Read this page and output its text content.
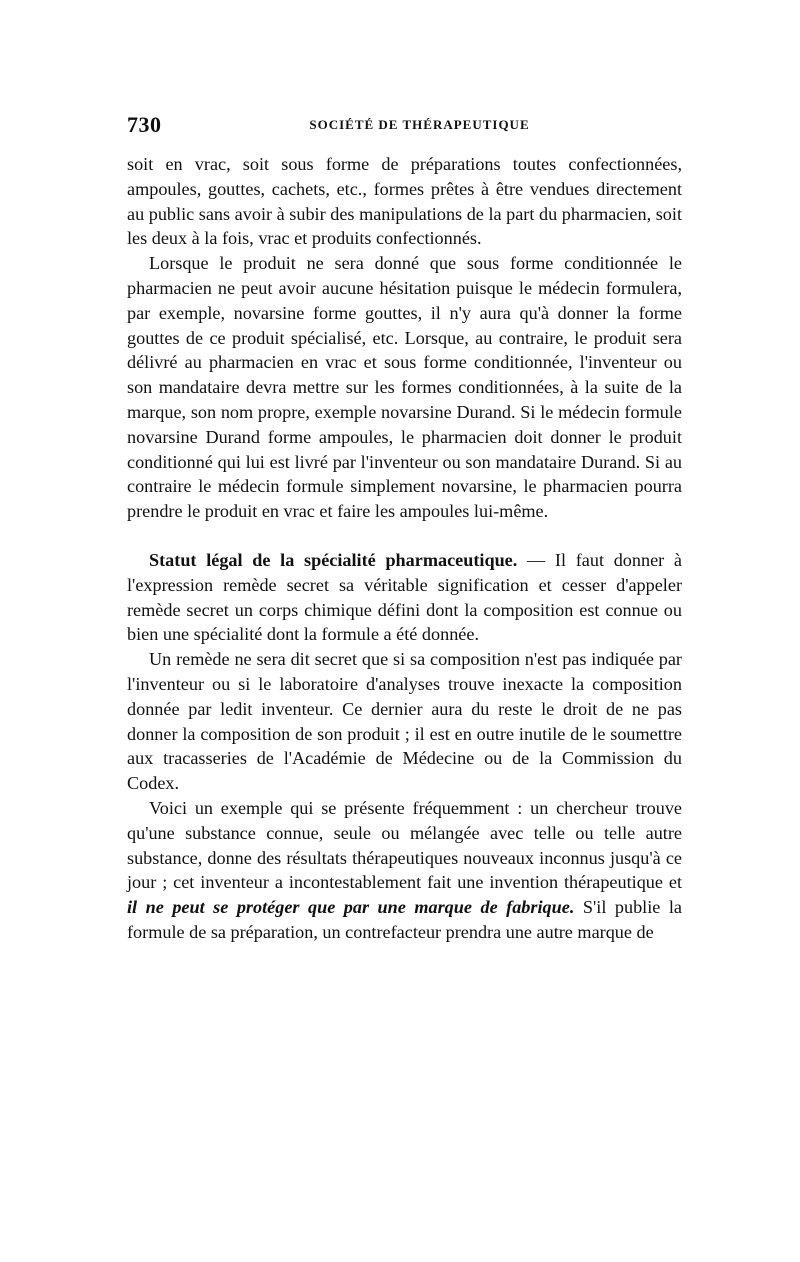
730	SOCIÉTÉ DE THÉRAPEUTIQUE

soit en vrac, soit sous forme de préparations toutes confectionnées, ampoules, gouttes, cachets, etc., formes prêtes à être vendues directement au public sans avoir à subir des manipulations de la part du pharmacien, soit les deux à la fois, vrac et produits confectionnés.

Lorsque le produit ne sera donné que sous forme conditionnée le pharmacien ne peut avoir aucune hésitation puisque le médecin formulera, par exemple, novarsine forme gouttes, il n'y aura qu'à donner la forme gouttes de ce produit spécialisé, etc. Lorsque, au contraire, le produit sera délivré au pharmacien en vrac et sous forme conditionnée, l'inventeur ou son mandataire devra mettre sur les formes conditionnées, à la suite de la marque, son nom propre, exemple novarsine Durand. Si le médecin formule novarsine Durand forme ampoules, le pharmacien doit donner le produit conditionné qui lui est livré par l'inventeur ou son mandataire Durand. Si au contraire le médecin formule simplement novarsine, le pharmacien pourra prendre le produit en vrac et faire les ampoules lui-même.

Statut légal de la spécialité pharmaceutique. — Il faut donner à l'expression remède secret sa véritable signification et cesser d'appeler remède secret un corps chimique défini dont la composition est connue ou bien une spécialité dont la formule a été donnée.

Un remède ne sera dit secret que si sa composition n'est pas indiquée par l'inventeur ou si le laboratoire d'analyses trouve inexacte la composition donnée par ledit inventeur. Ce dernier aura du reste le droit de ne pas donner la composition de son produit ; il est en outre inutile de le soumettre aux tracasseries de l'Académie de Médecine ou de la Commission du Codex.

Voici un exemple qui se présente fréquemment : un chercheur trouve qu'une substance connue, seule ou mélangée avec telle ou telle autre substance, donne des résultats thérapeutiques nouveaux inconnus jusqu'à ce jour ; cet inventeur a incontestablement fait une invention thérapeutique et il ne peut se protéger que par une marque de fabrique. S'il publie la formule de sa préparation, un contrefacteur prendra une autre marque de
